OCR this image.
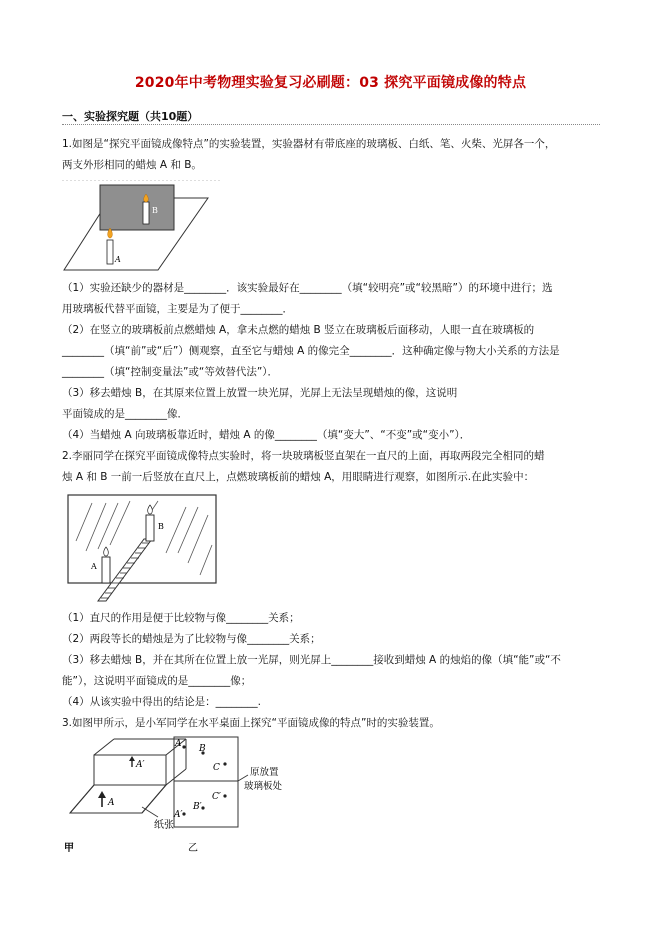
2020年中考物理实验复习必刷题：03 探究平面镜成像的特点
一、实验探究题（共10题）
1.如图是“探究平面镜成像特点”的实验装置，实验器材有带底座的玻璃板、白纸、笔、火柴、光屏各一个，
两支外形相同的蜡烛 A 和 B。
B
A
（1）实验还缺少的器材是________．该实验最好在________（填“较明亮”或“较黑暗”）的环境中进行；选
用玻璃板代替平面镜，主要是为了便于________．
（2）在竖立的玻璃板前点燃蜡烛 A，拿未点燃的蜡烛 B 竖立在玻璃板后面移动，人眼一直在玻璃板的
________（填“前”或“后”）侧观察，直至它与蜡烛 A 的像完全________．这种确定像与物大小关系的方法是
________（填“控制变量法”或“等效替代法”）．
（3）移去蜡烛 B，在其原来位置上放置一块光屏，光屏上无法呈现蜡烛的像，这说明
平面镜成的是________像．
（4）当蜡烛 A 向玻璃板靠近时，蜡烛 A 的像________（填“变大”、“不变”或“变小”）．
2.李丽同学在探究平面镜成像特点实验时，将一块玻璃板竖直架在一直尺的上面，再取两段完全相同的蜡
烛 A 和 B 一前一后竖放在直尺上，点燃玻璃板前的蜡烛 A，用眼睛进行观察，如图所示.在此实验中：
B
A
（1）直尺的作用是便于比较物与像________关系；
（2）两段等长的蜡烛是为了比较物与像________关系；
（3）移去蜡烛 B，并在其所在位置上放一光屏，则光屏上________接收到蜡烛 A 的烛焰的像（填“能”或“不
能”），这说明平面镜成的是________像；
（4）从该实验中得出的结论是：________.
3.如图甲所示，是小军同学在水平桌面上探究“平面镜成像的特点”时的实验装置。
A
A′
纸张
甲
A B
C
C′
B′
A′
原放置
玻璃板处
乙
